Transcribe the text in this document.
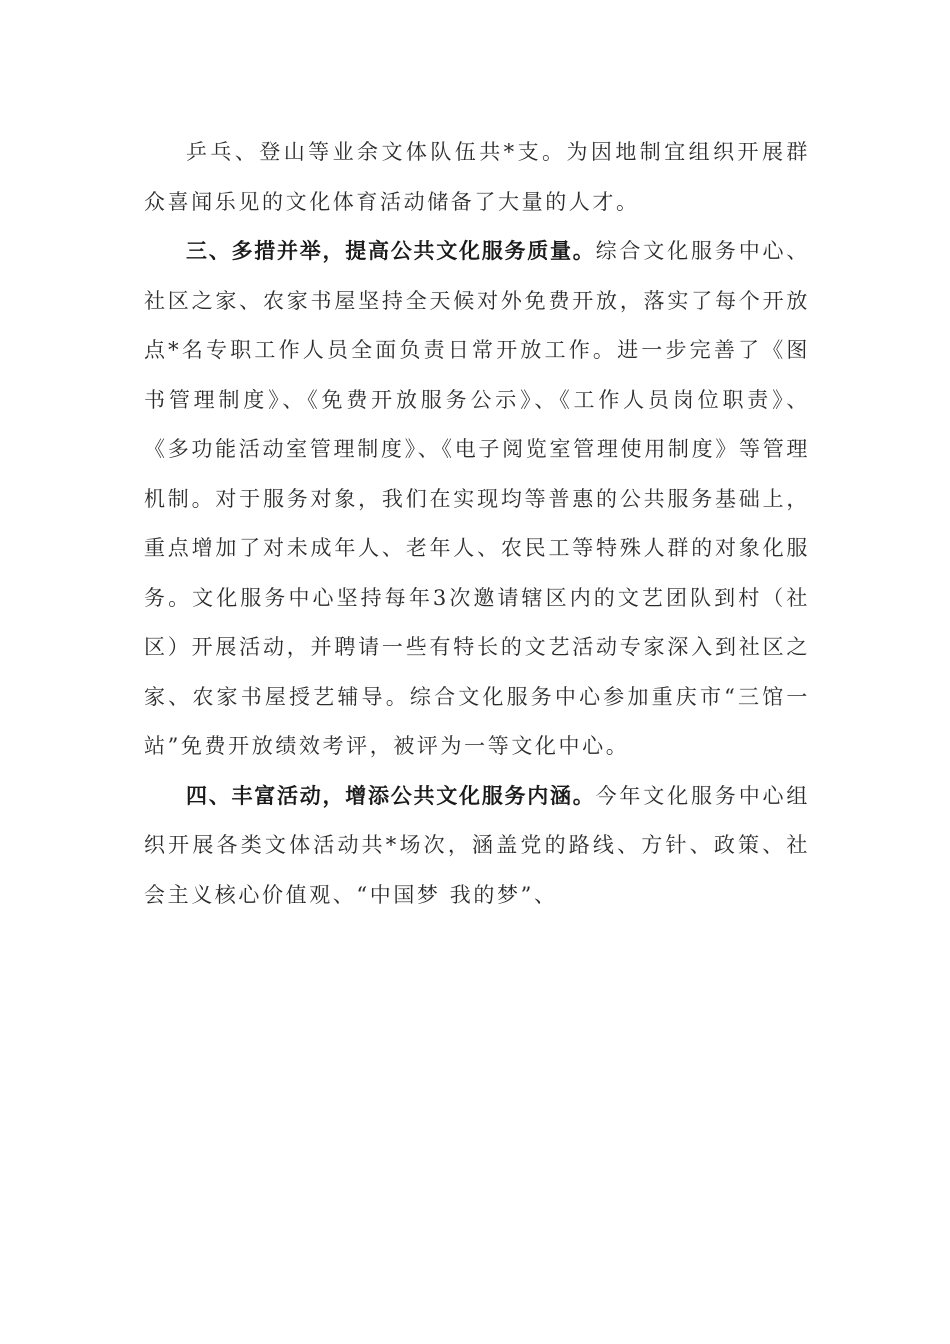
乒乓、登山等业余文体队伍共*支。为因地制宜组织开展群众喜闻乐见的文化体育活动储备了大量的人才。

三、多措并举，提高公共文化服务质量。综合文化服务中心、社区之家、农家书屋坚持全天候对外免费开放，落实了每个开放点*名专职工作人员全面负责日常开放工作。进一步完善了《图书管理制度》、《免费开放服务公示》、《工作人员岗位职责》、《多功能活动室管理制度》、《电子阅览室管理使用制度》等管理机制。对于服务对象，我们在实现均等普惠的公共服务基础上，重点增加了对未成年人、老年人、农民工等特殊人群的对象化服务。文化服务中心坚持每年3次邀请辖区内的文艺团队到村（社区）开展活动，并聘请一些有特长的文艺活动专家深入到社区之家、农家书屋授艺辅导。综合文化服务中心参加重庆市“三馆一站”免费开放绩效考评，被评为一等文化中心。

四、丰富活动，增添公共文化服务内涵。今年文化服务中心组织开展各类文体活动共*场次，涵盖党的路线、方针、政策、社会主义核心价值观、“中国梦 我的梦”、
